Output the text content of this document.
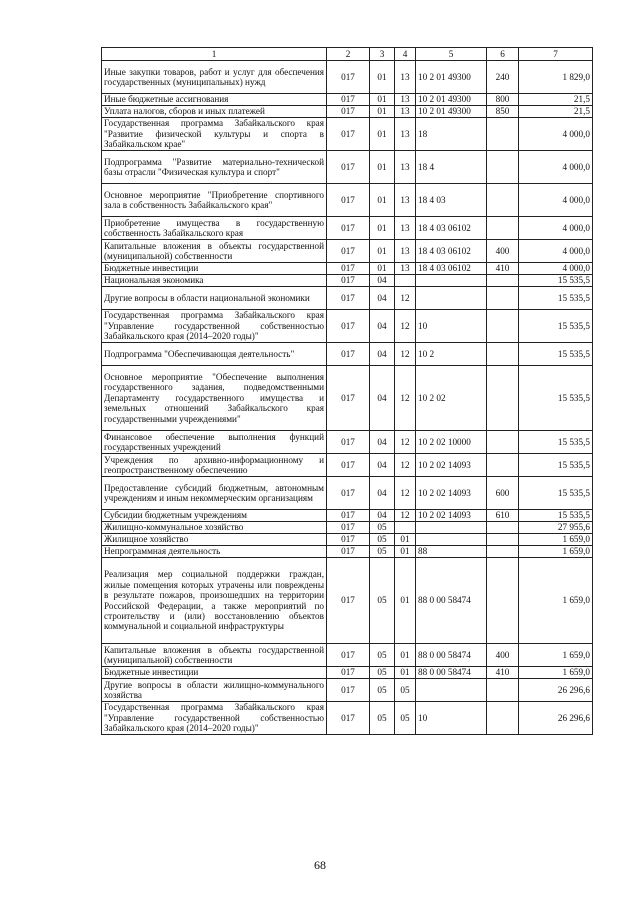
1	2	3	4	5	6	7
Иные закупки товаров, работ и услуг для обеспечения государственных (муниципальных) нужд	017	01	13	10 2 01 49300	240	1 829,0
Иные бюджетные ассигнования	017	01	13	10 2 01 49300	800	21,5
Уплата налогов, сборов и иных платежей	017	01	13	10 2 01 49300	850	21,5
Государственная программа Забайкальского края "Развитие физической культуры и спорта в Забайкальском крае"	017	01	13	18		4 000,0
Подпрограмма "Развитие материально-технической базы отрасли "Физическая культура и спорт"	017	01	13	18 4		4 000,0
Основное мероприятие "Приобретение спортивного зала в собственность Забайкальского края"	017	01	13	18 4 03		4 000,0
Приобретение имущества в государственную собственность Забайкальского края	017	01	13	18 4 03 06102		4 000,0
Капитальные вложения в объекты государственной (муниципальной) собственности	017	01	13	18 4 03 06102	400	4 000,0
Бюджетные инвестиции	017	01	13	18 4 03 06102	410	4 000,0
Национальная экономика	017	04				15 535,5
Другие вопросы в области национальной экономики	017	04	12			15 535,5
Государственная программа Забайкальского края "Управление государственной собственностью Забайкальского края (2014–2020 годы)"	017	04	12	10		15 535,5
Подпрограмма "Обеспечивающая деятельность"	017	04	12	10 2		15 535,5
Основное мероприятие "Обеспечение выполнения государственного задания, подведомственными Департаменту государственного имущества и земельных отношений Забайкальского края государственными учреждениями"	017	04	12	10 2 02		15 535,5
Финансовое обеспечение выполнения функций государственных учреждений	017	04	12	10 2 02 10000		15 535,5
Учреждения по архивно-информационному и геопространственному обеспечению	017	04	12	10 2 02 14093		15 535,5
Предоставление субсидий бюджетным, автономным учреждениям и иным некоммерческим организациям	017	04	12	10 2 02 14093	600	15 535,5
Субсидии бюджетным учреждениям	017	04	12	10 2 02 14093	610	15 535,5
Жилищно-коммунальное хозяйство	017	05				27 955,6
Жилищное хозяйство	017	05	01			1 659,0
Непрограммная деятельность	017	05	01	88		1 659,0
Реализация мер социальной поддержки граждан, жилые помещения которых утрачены или повреждены в результате пожаров, произошедших на территории Российской Федерации, а также мероприятий по строительству и (или) восстановлению объектов коммунальной и социальной инфраструктуры	017	05	01	88 0 00 58474		1 659,0
Капитальные вложения в объекты государственной (муниципальной) собственности	017	05	01	88 0 00 58474	400	1 659,0
Бюджетные инвестиции	017	05	01	88 0 00 58474	410	1 659,0
Другие вопросы в области жилищно-коммунального хозяйства	017	05	05			26 296,6
Государственная программа Забайкальского края "Управление государственной собственностью Забайкальского края (2014–2020 годы)"	017	05	05	10		26 296,6
68
